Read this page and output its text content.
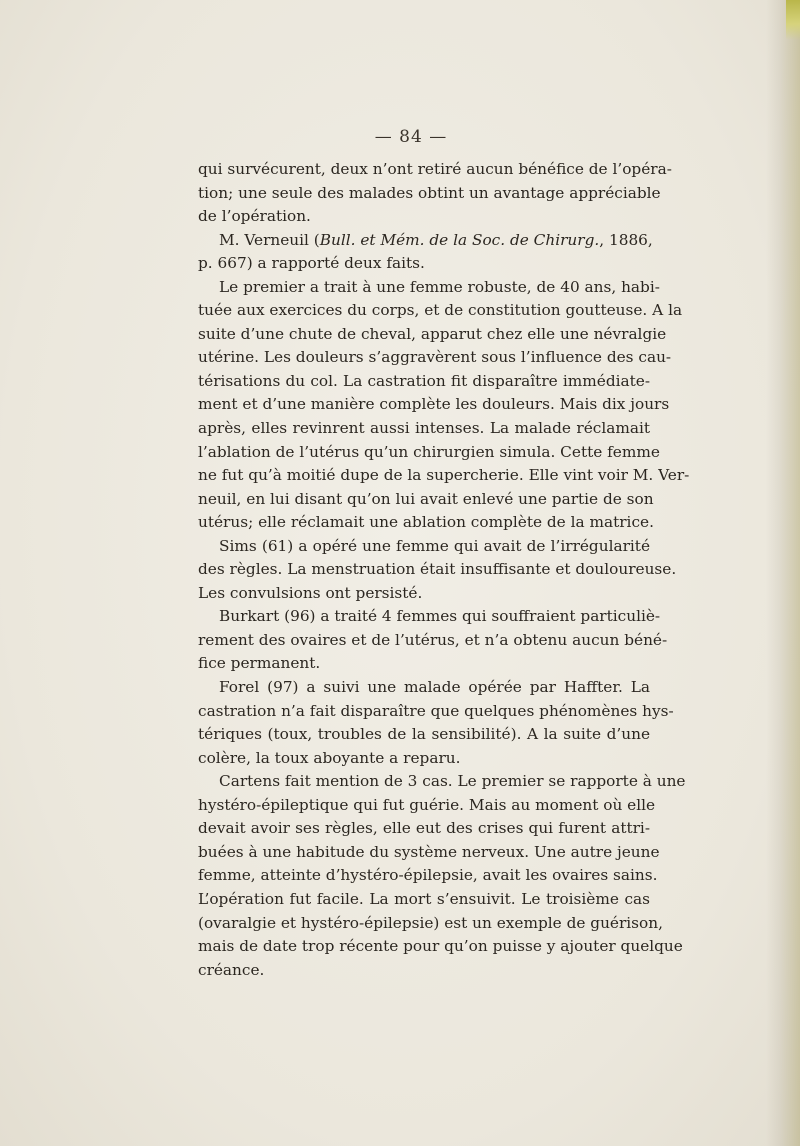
— 84 —

qui survécurent, deux n’ont retiré aucun bénéfice de l’opéra-
tion; une seule des malades obtint un avantage appréciable
de l’opération.

M. Verneuil (Bull. et Mém. de la Soc. de Chirurg., 1886,
p. 667) a rapporté deux faits.

Le premier a trait à une femme robuste, de 40 ans, habi-
tuée aux exercices du corps, et de constitution goutteuse. A la
suite d’une chute de cheval, apparut chez elle une névralgie
utérine. Les douleurs s’aggravèrent sous l’influence des cau-
térisations du col. La castration fit disparaître immédiate-
ment et d’une manière complète les douleurs. Mais dix jours
après, elles revinrent aussi intenses. La malade réclamait
l’ablation de l’utérus qu’un chirurgien simula. Cette femme
ne fut qu’à moitié dupe de la supercherie. Elle vint voir M. Ver-
neuil, en lui disant qu’on lui avait enlevé une partie de son
utérus; elle réclamait une ablation complète de la matrice.

Sims (61) a opéré une femme qui avait de l’irrégularité
des règles. La menstruation était insuffisante et douloureuse.
Les convulsions ont persisté.

Burkart (96) a traité 4 femmes qui souffraient particuliè-
rement des ovaires et de l’utérus, et n’a obtenu aucun béné-
fice permanent.

Forel (97) a suivi une malade opérée par Haffter. La
castration n’a fait disparaître que quelques phénomènes hys-
tériques (toux, troubles de la sensibilité). A la suite d’une
colère, la toux aboyante a reparu.

Cartens fait mention de 3 cas. Le premier se rapporte à une
hystéro-épileptique qui fut guérie. Mais au moment où elle
devait avoir ses règles, elle eut des crises qui furent attri-
buées à une habitude du système nerveux. Une autre jeune
femme, atteinte d’hystéro-épilepsie, avait les ovaires sains.
L’opération fut facile. La mort s’ensuivit. Le troisième cas
(ovaralgie et hystéro-épilepsie) est un exemple de guérison,
mais de date trop récente pour qu’on puisse y ajouter quelque
créance.
